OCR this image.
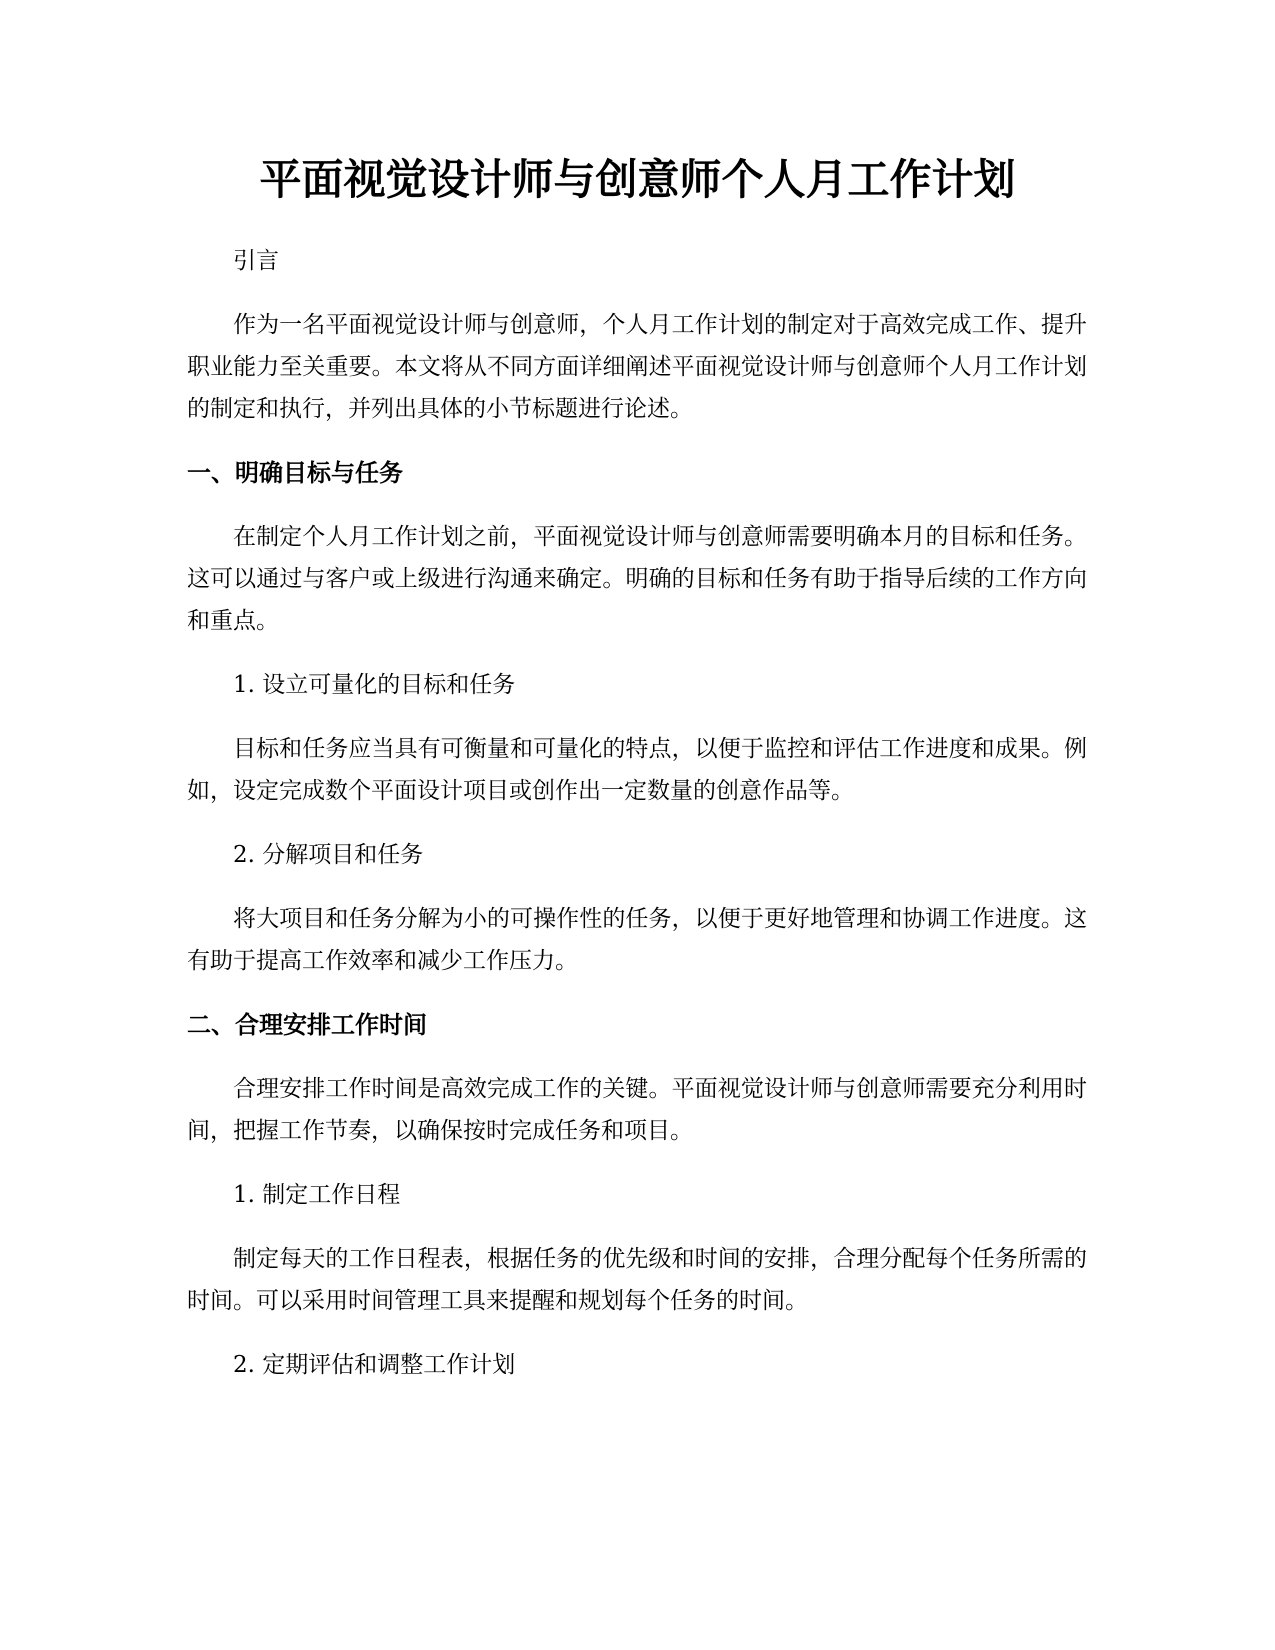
平面视觉设计师与创意师个人月工作计划

引言

作为一名平面视觉设计师与创意师，个人月工作计划的制定对于高效完成工作、提升职业能力至关重要。本文将从不同方面详细阐述平面视觉设计师与创意师个人月工作计划的制定和执行，并列出具体的小节标题进行论述。

一、明确目标与任务

在制定个人月工作计划之前，平面视觉设计师与创意师需要明确本月的目标和任务。这可以通过与客户或上级进行沟通来确定。明确的目标和任务有助于指导后续的工作方向和重点。

1. 设立可量化的目标和任务

目标和任务应当具有可衡量和可量化的特点，以便于监控和评估工作进度和成果。例如，设定完成数个平面设计项目或创作出一定数量的创意作品等。

2. 分解项目和任务

将大项目和任务分解为小的可操作性的任务，以便于更好地管理和协调工作进度。这有助于提高工作效率和减少工作压力。

二、合理安排工作时间

合理安排工作时间是高效完成工作的关键。平面视觉设计师与创意师需要充分利用时间，把握工作节奏，以确保按时完成任务和项目。

1. 制定工作日程

制定每天的工作日程表，根据任务的优先级和时间的安排，合理分配每个任务所需的时间。可以采用时间管理工具来提醒和规划每个任务的时间。

2. 定期评估和调整工作计划
